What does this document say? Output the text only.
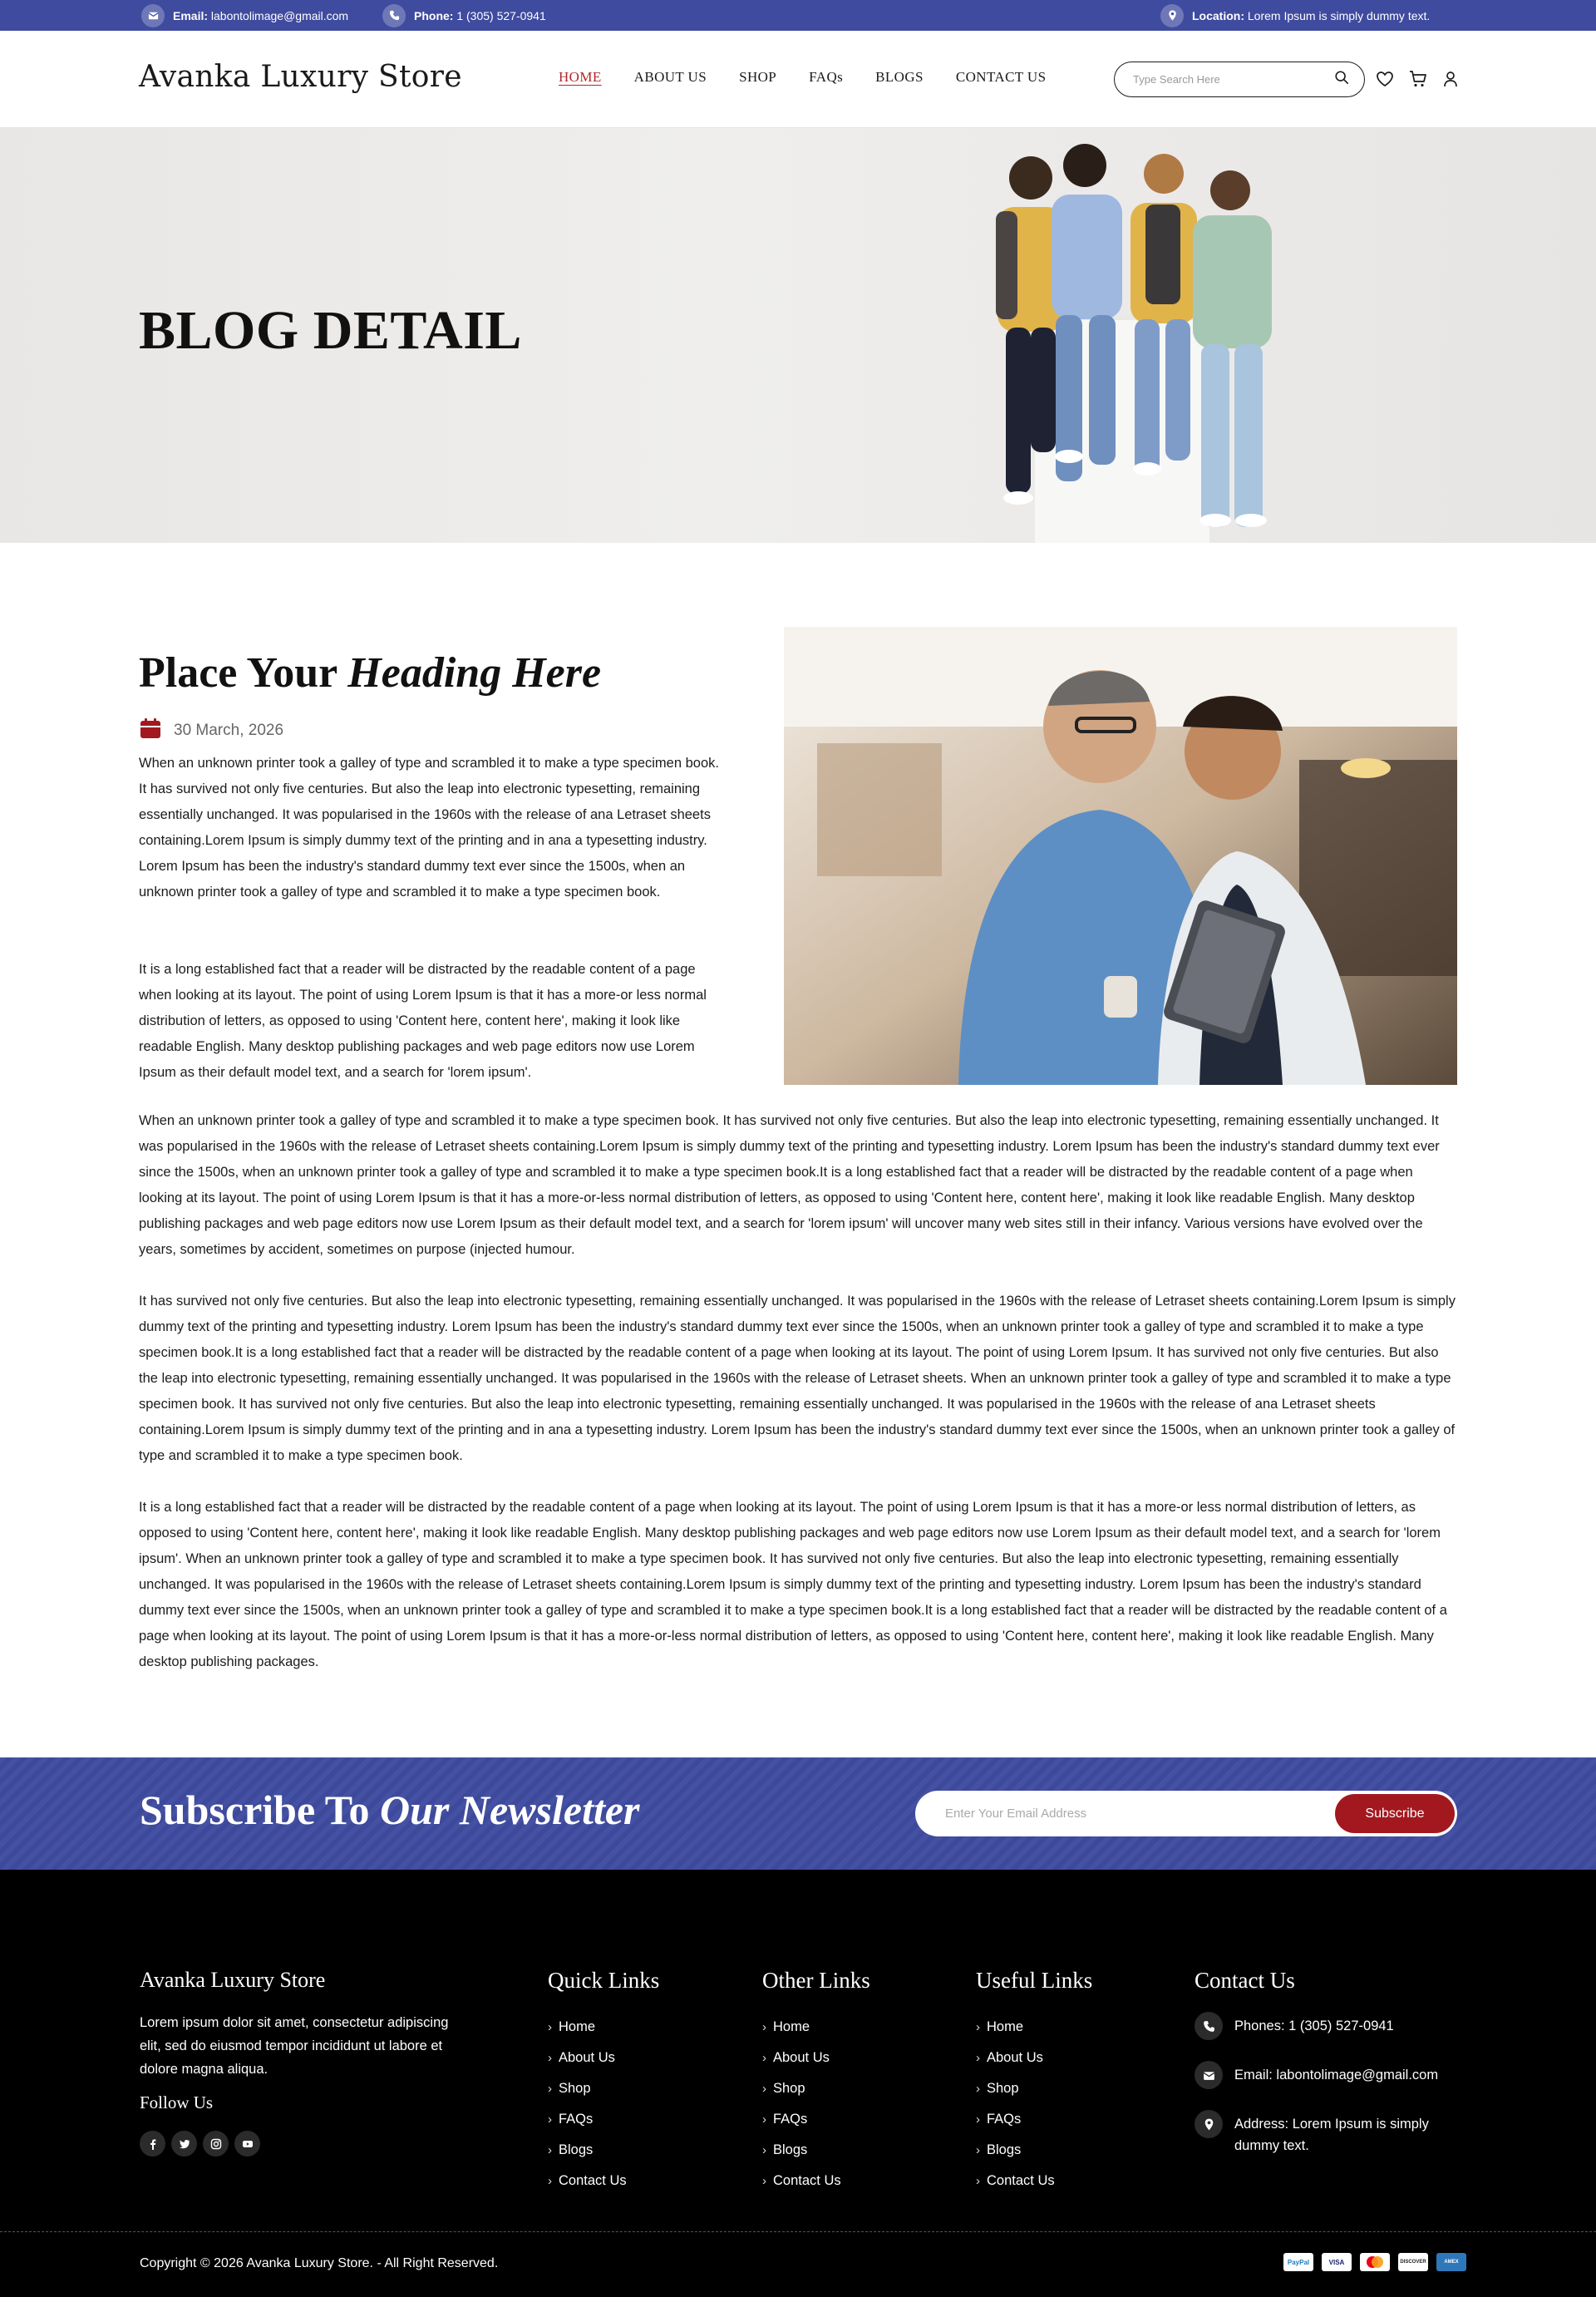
Email: labontolimage@gmail.com	Phone: 1 (305) 527-0941	Location: Lorem Ipsum is simply dummy text.
Avanka Luxury Store	HOME ABOUT US SHOP FAQs BLOGS CONTACT US
Type Search Here
BLOG DETAIL
Place Your Heading Here
30 March, 2026

When an unknown printer took a galley of type and scrambled it to make a type specimen book. It has survived not only five centuries. But also the leap into electronic typesetting, remaining essentially unchanged. It was popularised in the 1960s with the release of ana Letraset sheets containing.Lorem Ipsum is simply dummy text of the printing and in ana a typesetting industry. Lorem Ipsum has been the industry's standard dummy text ever since the 1500s, when an unknown printer took a galley of type and scrambled it to make a type specimen book.

It is a long established fact that a reader will be distracted by the readable content of a page when looking at its layout. The point of using Lorem Ipsum is that it has a more-or less normal distribution of letters, as opposed to using 'Content here, content here', making it look like readable English. Many desktop publishing packages and web page editors now use Lorem Ipsum as their default model text, and a search for 'lorem ipsum'.

When an unknown printer took a galley of type and scrambled it to make a type specimen book. It has survived not only five centuries. But also the leap into electronic typesetting, remaining essentially unchanged. It was popularised in the 1960s with the release of Letraset sheets containing.Lorem Ipsum is simply dummy text of the printing and typesetting industry. Lorem Ipsum has been the industry's standard dummy text ever since the 1500s, when an unknown printer took a galley of type and scrambled it to make a type specimen book.It is a long established fact that a reader will be distracted by the readable content of a page when looking at its layout. The point of using Lorem Ipsum is that it has a more-or-less normal distribution of letters, as opposed to using 'Content here, content here', making it look like readable English. Many desktop publishing packages and web page editors now use Lorem Ipsum as their default model text, and a search for 'lorem ipsum' will uncover many web sites still in their infancy. Various versions have evolved over the years, sometimes by accident, sometimes on purpose (injected humour.

It has survived not only five centuries. But also the leap into electronic typesetting, remaining essentially unchanged. It was popularised in the 1960s with the release of Letraset sheets containing.Lorem Ipsum is simply dummy text of the printing and typesetting industry. Lorem Ipsum has been the industry's standard dummy text ever since the 1500s, when an unknown printer took a galley of type and scrambled it to make a type specimen book.It is a long established fact that a reader will be distracted by the readable content of a page when looking at its layout. The point of using Lorem Ipsum. It has survived not only five centuries. But also the leap into electronic typesetting, remaining essentially unchanged. It was popularised in the 1960s with the release of Letraset sheets. When an unknown printer took a galley of type and scrambled it to make a type specimen book. It has survived not only five centuries. But also the leap into electronic typesetting, remaining essentially unchanged. It was popularised in the 1960s with the release of ana Letraset sheets containing.Lorem Ipsum is simply dummy text of the printing and in ana a typesetting industry. Lorem Ipsum has been the industry's standard dummy text ever since the 1500s, when an unknown printer took a galley of type and scrambled it to make a type specimen book.

It is a long established fact that a reader will be distracted by the readable content of a page when looking at its layout. The point of using Lorem Ipsum is that it has a more-or less normal distribution of letters, as opposed to using 'Content here, content here', making it look like readable English. Many desktop publishing packages and web page editors now use Lorem Ipsum as their default model text, and a search for 'lorem ipsum'. When an unknown printer took a galley of type and scrambled it to make a type specimen book. It has survived not only five centuries. But also the leap into electronic typesetting, remaining essentially unchanged. It was popularised in the 1960s with the release of Letraset sheets containing.Lorem Ipsum is simply dummy text of the printing and typesetting industry. Lorem Ipsum has been the industry's standard dummy text ever since the 1500s, when an unknown printer took a galley of type and scrambled it to make a type specimen book.It is a long established fact that a reader will be distracted by the readable content of a page when looking at its layout. The point of using Lorem Ipsum is that it has a more-or-less normal distribution of letters, as opposed to using 'Content here, content here', making it look like readable English. Many desktop publishing packages.

Subscribe To Our Newsletter
Enter Your Email Address	Subscribe
Avanka Luxury Store

Lorem ipsum dolor sit amet, consectetur adipiscing elit, sed do eiusmod tempor incididunt ut labore et dolore magna aliqua.

Follow Us
Quick Links
› Home
› About Us
› Shop
› FAQs
› Blogs
› Contact Us
Other Links
› Home
› About Us
› Shop
› FAQs
› Blogs
› Contact Us
Useful Links
› Home
› About Us
› Shop
› FAQs
› Blogs
› Contact Us
Contact Us
Phones: 1 (305) 527-0941
Email: labontolimage@gmail.com
Address: Lorem Ipsum is simply dummy text.
Copyright © 2026 Avanka Luxury Store. - All Right Reserved.	PayPal	VISA	DISCOVER	AMEX
